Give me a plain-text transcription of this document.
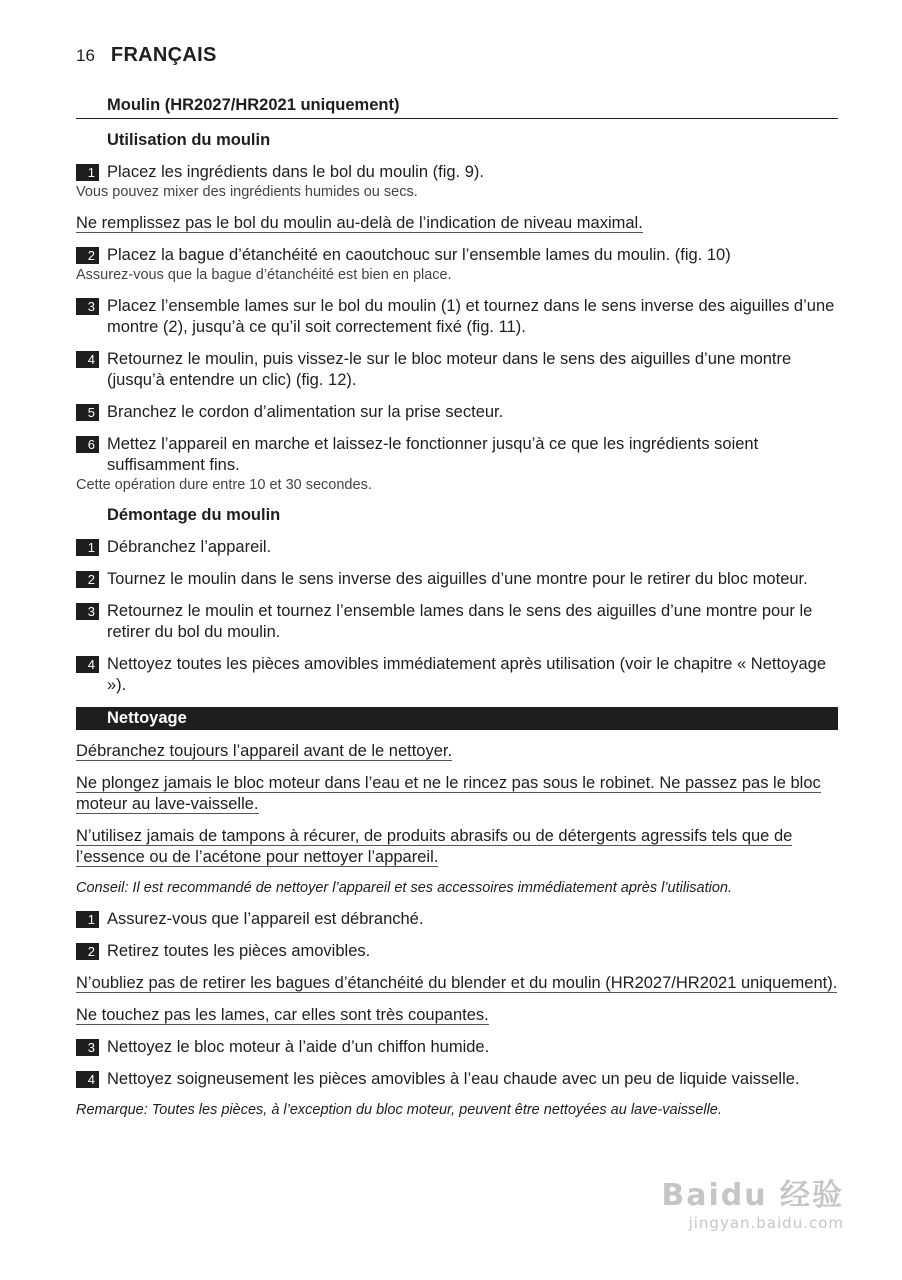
16 FRANÇAIS
Moulin (HR2027/HR2021 uniquement)
Utilisation du moulin
1 Placez les ingrédients dans le bol du moulin (fig. 9).
Vous pouvez mixer des ingrédients humides ou secs.
Ne remplissez pas le bol du moulin au-delà de l’indication de niveau maximal.
2 Placez la bague d’étanchéité en caoutchouc sur l’ensemble lames du moulin. (fig. 10)
Assurez-vous que la bague d’étanchéité est bien en place.
3 Placez l’ensemble lames sur le bol du moulin (1) et tournez dans le sens inverse des aiguilles d’une montre (2), jusqu’à ce qu’il soit correctement fixé (fig. 11).
4 Retournez le moulin, puis vissez-le sur le bloc moteur dans le sens des aiguilles d’une montre (jusqu’à entendre un clic) (fig. 12).
5 Branchez le cordon d’alimentation sur la prise secteur.
6 Mettez l’appareil en marche et laissez-le fonctionner jusqu’à ce que les ingrédients soient suffisamment fins.
Cette opération dure entre 10 et 30 secondes.
Démontage du moulin
1 Débranchez l’appareil.
2 Tournez le moulin dans le sens inverse des aiguilles d’une montre pour le retirer du bloc moteur.
3 Retournez le moulin et tournez l’ensemble lames dans le sens des aiguilles d’une montre pour le retirer du bol du moulin.
4 Nettoyez toutes les pièces amovibles immédiatement après utilisation (voir le chapitre « Nettoyage »).
Nettoyage
Débranchez toujours l’appareil avant de le nettoyer.
Ne plongez jamais le bloc moteur dans l’eau et ne le rincez pas sous le robinet. Ne passez pas le bloc moteur au lave-vaisselle.
N’utilisez jamais de tampons à récurer, de produits abrasifs ou de détergents agressifs tels que de l’essence ou de l’acétone pour nettoyer l’appareil.
Conseil: Il est recommandé de nettoyer l’appareil et ses accessoires immédiatement après l’utilisation.
1 Assurez-vous que l’appareil est débranché.
2 Retirez toutes les pièces amovibles.
N’oubliez pas de retirer les bagues d’étanchéité du blender et du moulin (HR2027/HR2021 uniquement).
Ne touchez pas les lames, car elles sont très coupantes.
3 Nettoyez le bloc moteur à l’aide d’un chiffon humide.
4 Nettoyez soigneusement les pièces amovibles à l’eau chaude avec un peu de liquide vaisselle.
Remarque: Toutes les pièces, à l’exception du bloc moteur, peuvent être nettoyées au lave-vaisselle.
Baidu 经验
jingyan.baidu.com
